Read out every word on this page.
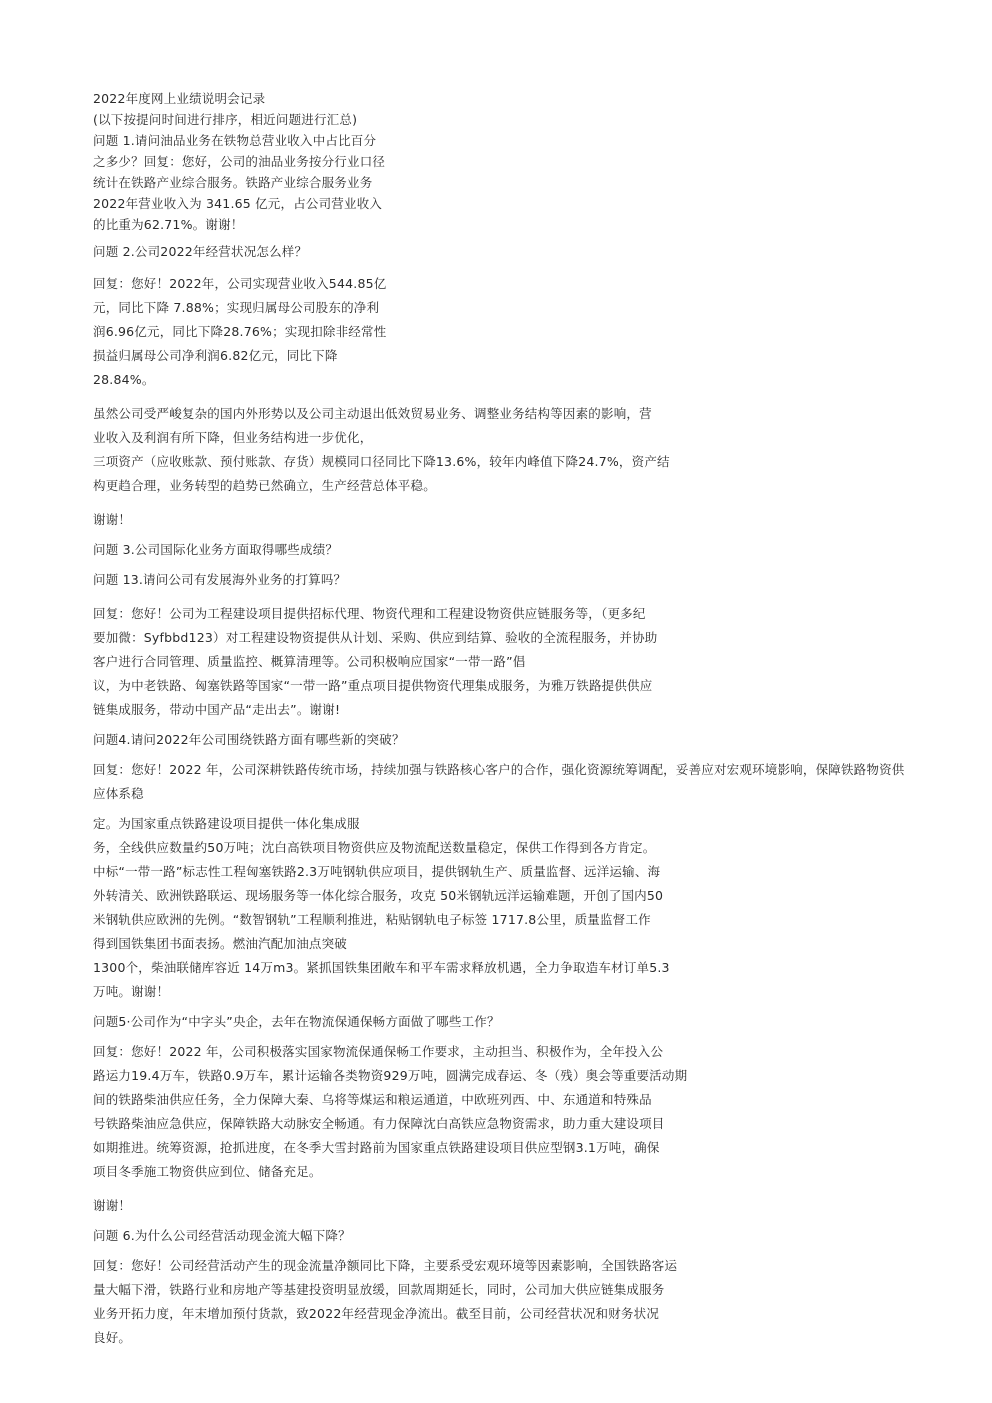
2022年度网上业绩说明会记录
(以下按提问时间进行排序，相近问题进行汇总)
问题 1.请问油品业务在铁物总营业收入中占比百分
之多少？回复：您好，公司的油品业务按分行业口径
统计在铁路产业综合服务。铁路产业综合服务业务
2022年营业收入为 341.65 亿元，占公司营业收入
的比重为62.71%。谢谢！
问题 2.公司2022年经营状况怎么样？
回复：您好！2022年，公司实现营业收入544.85亿
元，同比下降 7.88%；实现归属母公司股东的净利
润6.96亿元，同比下降28.76%；实现扣除非经常性
损益归属母公司净利润6.82亿元，同比下降
28.84%。
虽然公司受严峻复杂的国内外形势以及公司主动退出低效贸易业务、调整业务结构等因素的影响，营
业收入及利润有所下降，但业务结构进一步优化，
三项资产（应收账款、预付账款、存货）规模同口径同比下降13.6%，较年内峰值下降24.7%，资产结
构更趋合理，业务转型的趋势已然确立，生产经营总体平稳。
谢谢！
问题 3.公司国际化业务方面取得哪些成绩？
问题 13.请问公司有发展海外业务的打算吗？
回复：您好！公司为工程建设项目提供招标代理、物资代理和工程建设物资供应链服务等，（更多纪
要加微：Syfbbd123）对工程建设物资提供从计划、采购、供应到结算、验收的全流程服务，并协助
客户进行合同管理、质量监控、概算清理等。公司积极响应国家“一带一路”倡
议，为中老铁路、匈塞铁路等国家“一带一路”重点项目提供物资代理集成服务，为雅万铁路提供供应
链集成服务，带动中国产品“走出去”。谢谢!
问题4.请问2022年公司围绕铁路方面有哪些新的突破？
回复：您好！2022 年，公司深耕铁路传统市场，持续加强与铁路核心客户的合作，强化资源统筹调配，妥善应对宏观环境影响，保障铁路物资供
应体系稳
定。为国家重点铁路建设项目提供一体化集成服
务，全线供应数量约50万吨；沈白高铁项目物资供应及物流配送数量稳定，保供工作得到各方肯定。
中标“一带一路”标志性工程匈塞铁路2.3万吨钢轨供应项目，提供钢轨生产、质量监督、远洋运输、海
外转清关、欧洲铁路联运、现场服务等一体化综合服务，攻克 50米钢轨远洋运输难题，开创了国内50
米钢轨供应欧洲的先例。“数智钢轨”工程顺利推进，粘贴钢轨电子标签 1717.8公里，质量监督工作
得到国铁集团书面表扬。燃油汽配加油点突破
1300个，柴油联储库容近 14万m3。紧抓国铁集团敞车和平车需求释放机遇，全力争取造车材订单5.3
万吨。谢谢！
问题5·公司作为“中字头”央企，去年在物流保通保畅方面做了哪些工作？
回复：您好！2022 年，公司积极落实国家物流保通保畅工作要求，主动担当、积极作为，全年投入公
路运力19.4万车，铁路0.9万车，累计运输各类物资929万吨，圆满完成春运、冬（残）奥会等重要活动期
间的铁路柴油供应任务，全力保障大秦、乌将等煤运和粮运通道，中欧班列西、中、东通道和特殊品
号铁路柴油应急供应，保障铁路大动脉安全畅通。有力保障沈白高铁应急物资需求，助力重大建设项目
如期推进。统筹资源，抢抓进度，在冬季大雪封路前为国家重点铁路建设项目供应型钢3.1万吨，确保
项目冬季施工物资供应到位、储备充足。
谢谢！
问题 6.为什么公司经营活动现金流大幅下降？
回复：您好！公司经营活动产生的现金流量净额同比下降，主要系受宏观环境等因素影响，全国铁路客运
量大幅下滑，铁路行业和房地产等基建投资明显放缓，回款周期延长，同时，公司加大供应链集成服务
业务开拓力度，年末增加预付货款，致2022年经营现金净流出。截至目前，公司经营状况和财务状况
良好。
